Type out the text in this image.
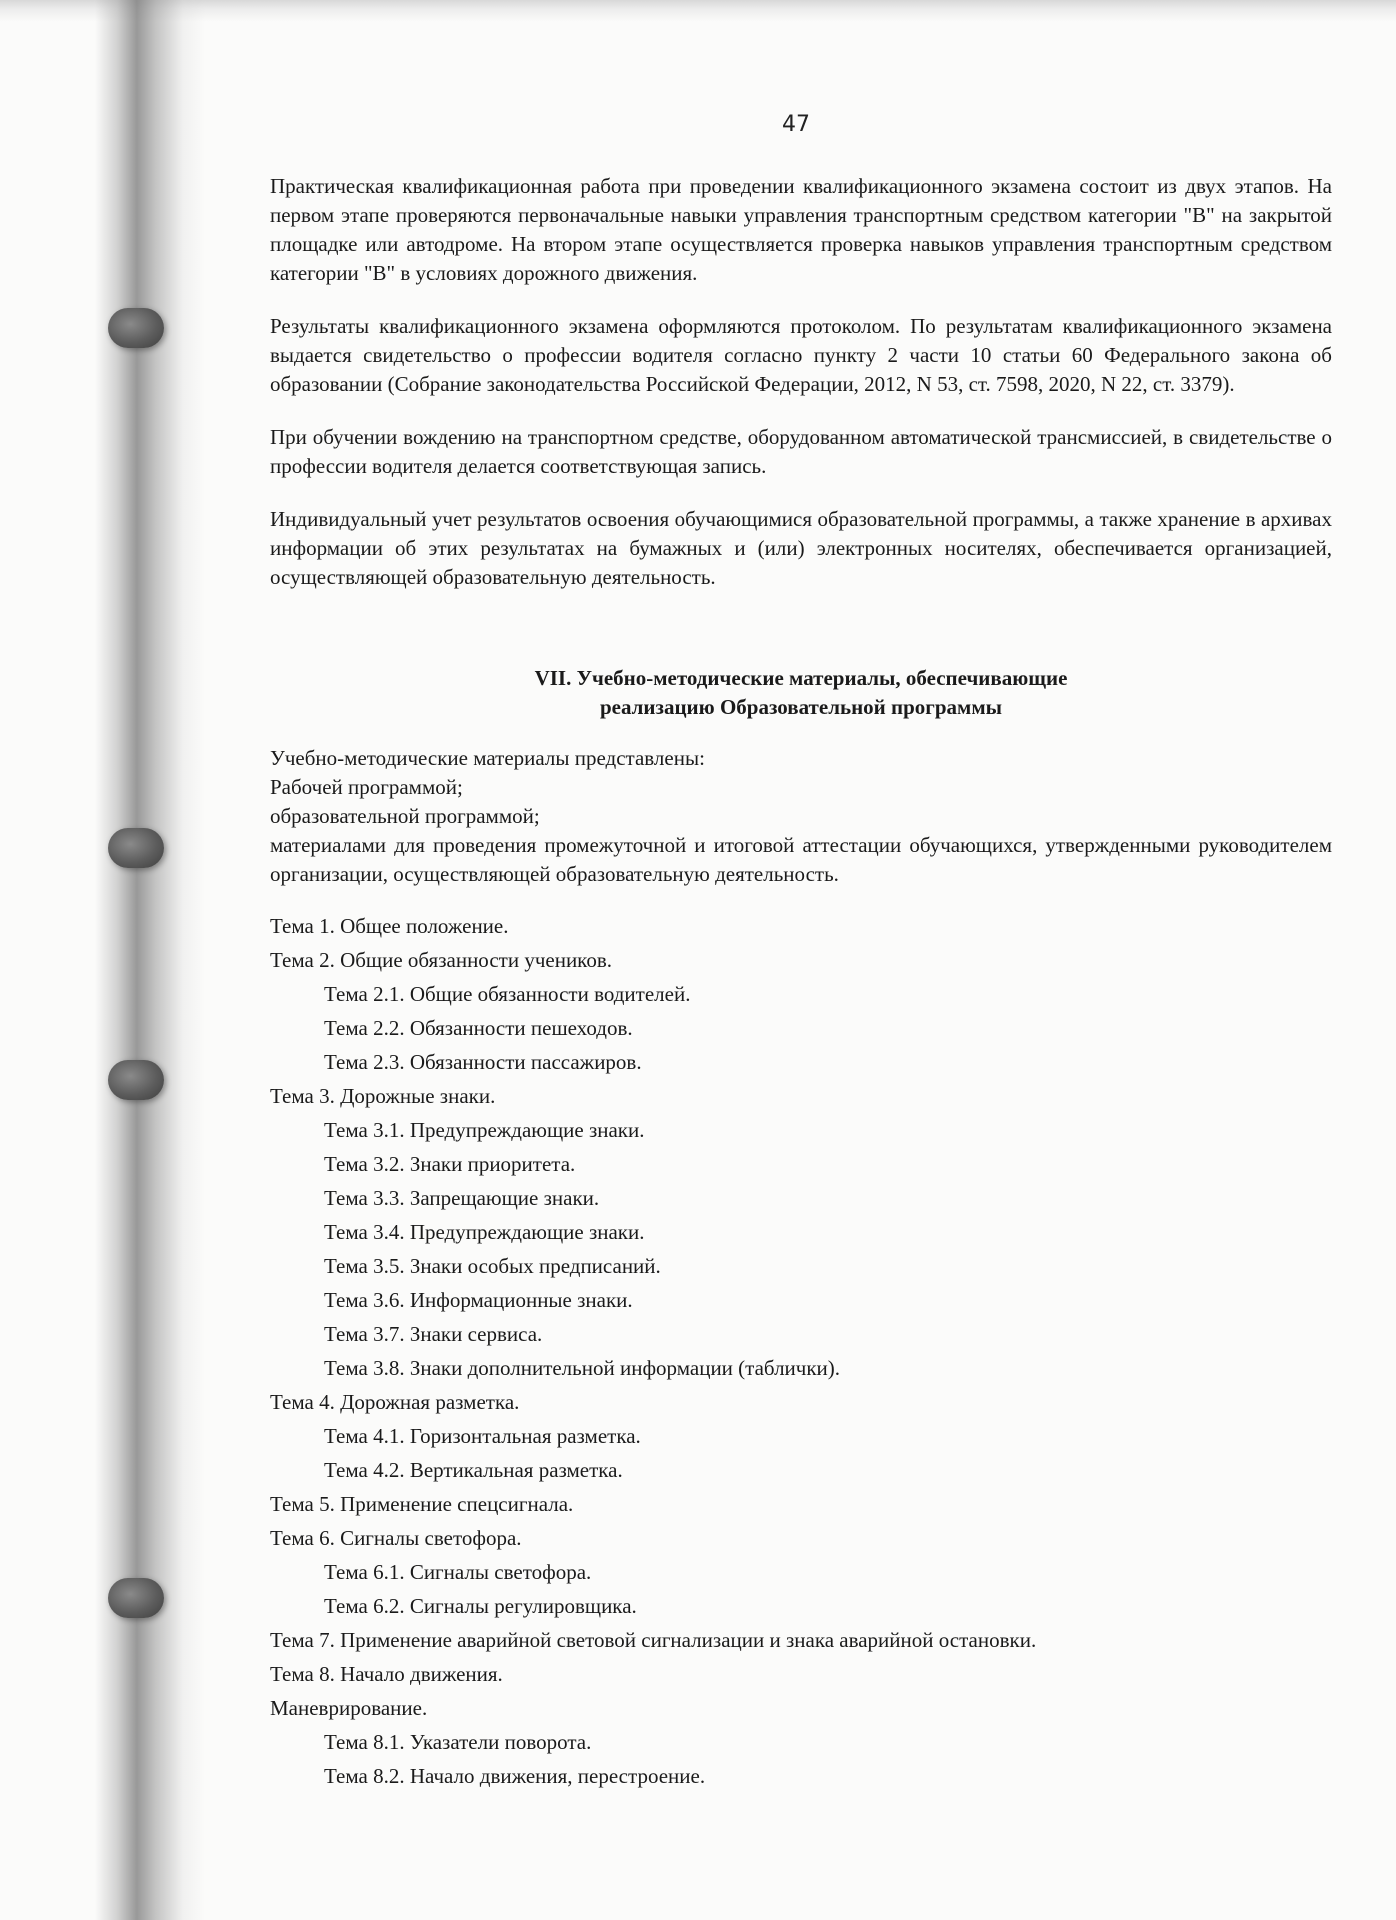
47

Практическая квалификационная работа при проведении квалификационного экзамена состоит из двух этапов. На первом этапе проверяются первоначальные навыки управления транспортным средством категории "B" на закрытой площадке или автодроме. На втором этапе осуществляется проверка навыков управления транспортным средством категории "B" в условиях дорожного движения.

Результаты квалификационного экзамена оформляются протоколом. По результатам квалификационного экзамена выдается свидетельство о профессии водителя согласно пункту 2 части 10 статьи 60 Федерального закона об образовании (Собрание законодательства Российской Федерации, 2012, N 53, ст. 7598, 2020, N 22, ст. 3379).

При обучении вождению на транспортном средстве, оборудованном автоматической трансмиссией, в свидетельстве о профессии водителя делается соответствующая запись.

Индивидуальный учет результатов освоения обучающимися образовательной программы, а также хранение в архивах информации об этих результатах на бумажных и (или) электронных носителях, обеспечивается организацией, осуществляющей образовательную деятельность.

VII. Учебно-методические материалы, обеспечивающие
реализацию Образовательной программы
Учебно-методические материалы представлены:
Рабочей программой;
образовательной программой;
материалами для проведения промежуточной и итоговой аттестации обучающихся, утвержденными руководителем организации, осуществляющей образовательную деятельность.
Тема 1. Общее положение.
Тема 2. Общие обязанности учеников.
Тема 2.1. Общие обязанности водителей.
Тема 2.2. Обязанности пешеходов.
Тема 2.3. Обязанности пассажиров.
Тема 3. Дорожные знаки.
Тема 3.1. Предупреждающие знаки.
Тема 3.2. Знаки приоритета.
Тема 3.3. Запрещающие знаки.
Тема 3.4. Предупреждающие знаки.
Тема 3.5. Знаки особых предписаний.
Тема 3.6. Информационные знаки.
Тема 3.7. Знаки сервиса.
Тема 3.8. Знаки дополнительной информации (таблички).
Тема 4. Дорожная разметка.
Тема 4.1. Горизонтальная разметка.
Тема 4.2. Вертикальная разметка.
Тема 5. Применение спецсигнала.
Тема 6. Сигналы светофора.
Тема 6.1. Сигналы светофора.
Тема 6.2. Сигналы регулировщика.
Тема 7. Применение аварийной световой сигнализации и знака аварийной остановки.
Тема 8. Начало движения.
Маневрирование.
Тема 8.1. Указатели поворота.
Тема 8.2. Начало движения, перестроение.
